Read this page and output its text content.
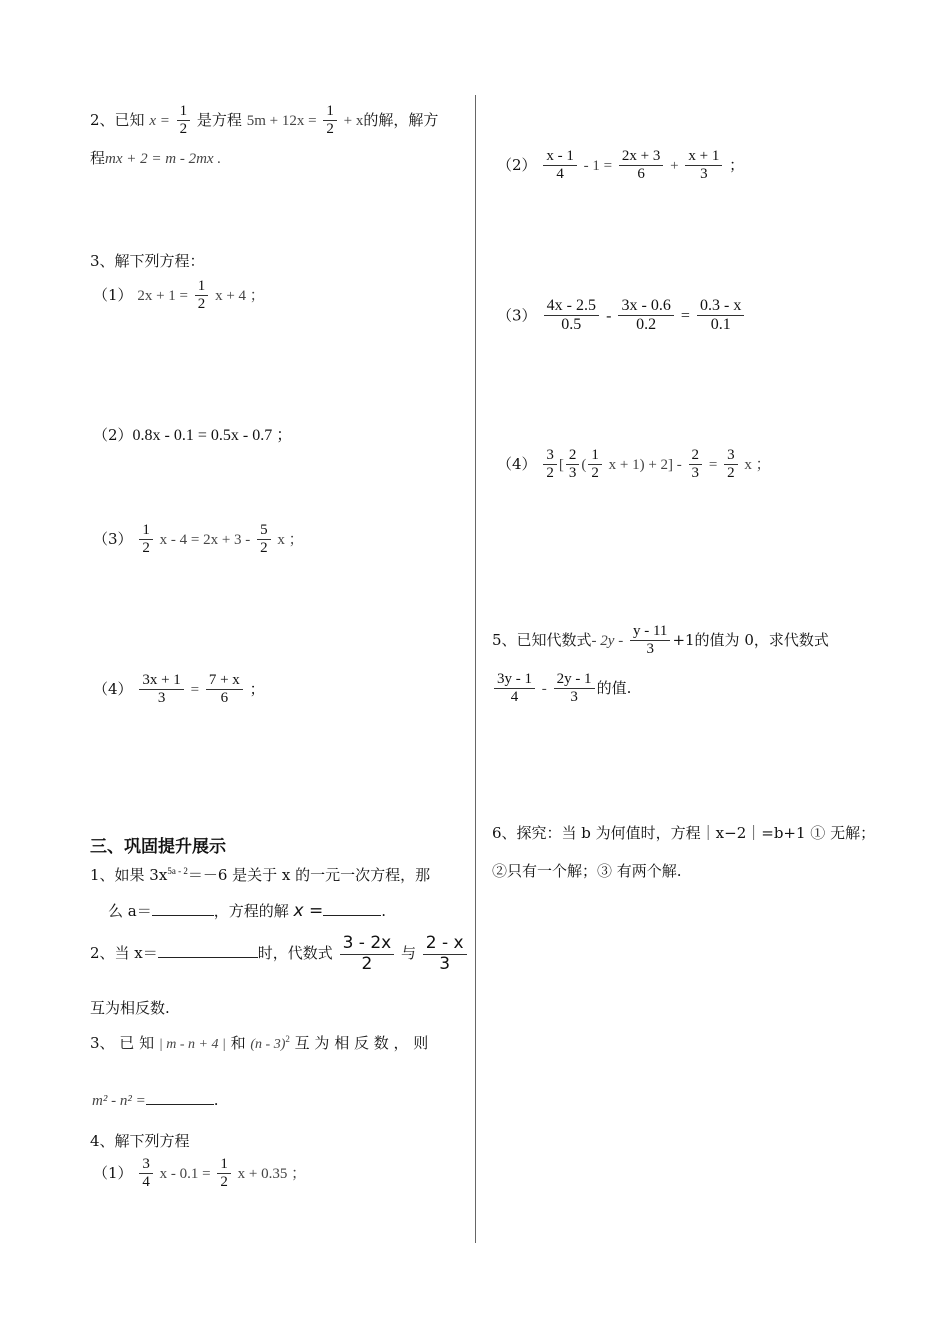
2、已知 $x = \frac{1}{2}$ 是方程 $5m + 12x = \frac{1}{2} + x$的解，解方
程mx + 2 = m - 2mx .
3、解下列方程：
（1） $2x + 1 = \frac{1}{2}$ x + 4 ；
（2）0.8x - 0.1 = 0.5x - 0.7 ；
$(3) \frac{1}{2}$ $x - 4 = 2x + 3 - \frac{5}{2}$ x ；
$(4) \frac{3x + 1}{3} = \frac{7 + x}{6}$ ；
三、巩固提升展示
1、如果 $3x^{5a - 2}=-6$ 是关于 x 的一元一次方程，那
么 a＝	，方程的解 x =	.
2、当 x＝	时，代数式 $\frac{3 - 2x}{2}$ 与 $\frac{2 - x}{3}$
互为相反数.
3、 已 知 | m - n + 4 | 和 (n - 3)$^2$ 互 为 相 反 数 ， 则
m² - n² =	.
4、解下列方程
$(1) \frac{3}{4}$ $x - 0.1 = \frac{1}{2}$ x + 0.35 ；
$(2) \frac{x - 1}{4} - 1 = \frac{2x + 3}{6} + \frac{x + 1}{3}$ ；
$(3) \frac{4x - 2.5}{0.5} - \frac{3x - 0.6}{0.2} = \frac{0.3 - x}{0.1}$
$(4) \frac{3}{2}$ [ $\frac{2}{3}$ ( $\frac{1}{2}$ $x + 1) + 2] - \frac{2}{3} = \frac{3}{2}$ x ；
5、已知代数式- $2y - \frac{y - 11}{3} +1$的值为 0，求代数式
$\frac{3y - 1}{4} - \frac{2y - 1}{3}$ 的值.
6、探究：当 b 为何值时，方程｜x−2｜=b+1 ① 无解；
②只有一个解；③ 有两个解.
